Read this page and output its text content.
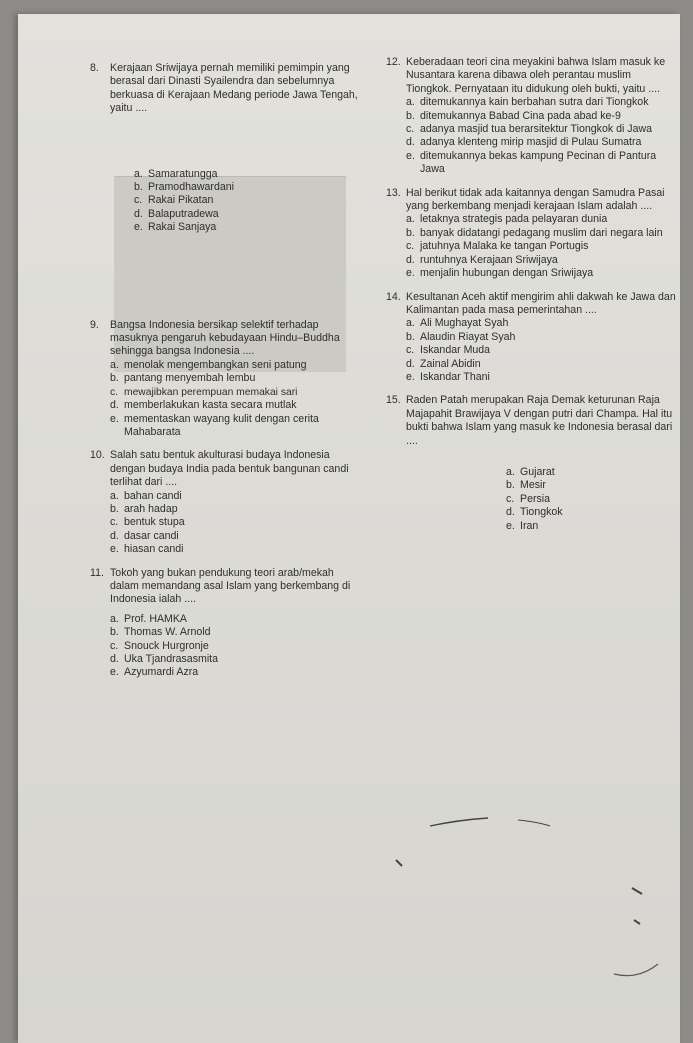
8.	Kerajaan Sriwijaya pernah memiliki pemimpin yang berasal dari Dinasti Syailendra dan sebelumnya berkuasa di Kerajaan Medang periode Jawa Tengah, yaitu ....
a. Samaratungga
b. Pramodhawardani
c. Rakai Pikatan
d. Balaputradewa
e. Rakai Sanjaya
9.	Bangsa Indonesia bersikap selektif terhadap masuknya pengaruh kebudayaan Hindu–Buddha sehingga bangsa Indonesia ....
a. menolak mengembangkan seni patung
b. pantang menyembah lembu
c. mewajibkan perempuan memakai sari
d. memberlakukan kasta secara mutlak
e. mementaskan wayang kulit dengan cerita Mahabarata
10. Salah satu bentuk akulturasi budaya Indonesia dengan budaya India pada bentuk bangunan candi terlihat dari ....
a. bahan candi
b. arah hadap
c. bentuk stupa
d. dasar candi
e. hiasan candi
11. Tokoh yang bukan pendukung teori arab/mekah dalam memandang asal Islam yang berkembang di Indonesia ialah ....
a. Prof. HAMKA
b. Thomas W. Arnold
c. Snouck Hurgronje
d. Uka Tjandrasasmita
e. Azyumardi Azra
12. Keberadaan teori cina meyakini bahwa Islam masuk ke Nusantara karena dibawa oleh perantau muslim Tiongkok. Pernyataan itu didukung oleh bukti, yaitu ....
a. ditemukannya kain berbahan sutra dari Tiongkok
b. ditemukannya Babad Cina pada abad ke-9
c. adanya masjid tua berarsitektur Tiongkok di Jawa
d. adanya klenteng mirip masjid di Pulau Sumatra
e. ditemukannya bekas kampung Pecinan di Pantura Jawa
13. Hal berikut tidak ada kaitannya dengan Samudra Pasai yang berkembang menjadi kerajaan Islam adalah ....
a. letaknya strategis pada pelayaran dunia
b. banyak didatangi pedagang muslim dari negara lain
c. jatuhnya Malaka ke tangan Portugis
d. runtuhnya Kerajaan Sriwijaya
e. menjalin hubungan dengan Sriwijaya
14. Kesultanan Aceh aktif mengirim ahli dakwah ke Jawa dan Kalimantan pada masa pemerintahan ....
a. Ali Mughayat Syah
b. Alaudin Riayat Syah
c. Iskandar Muda
d. Zainal Abidin
e. Iskandar Thani
15. Raden Patah merupakan Raja Demak keturunan Raja Majapahit Brawijaya V dengan putri dari Champa. Hal itu bukti bahwa Islam yang masuk ke Indonesia berasal dari ....
a. Gujarat
b. Mesir
c. Persia
d. Tiongkok
e. Iran
